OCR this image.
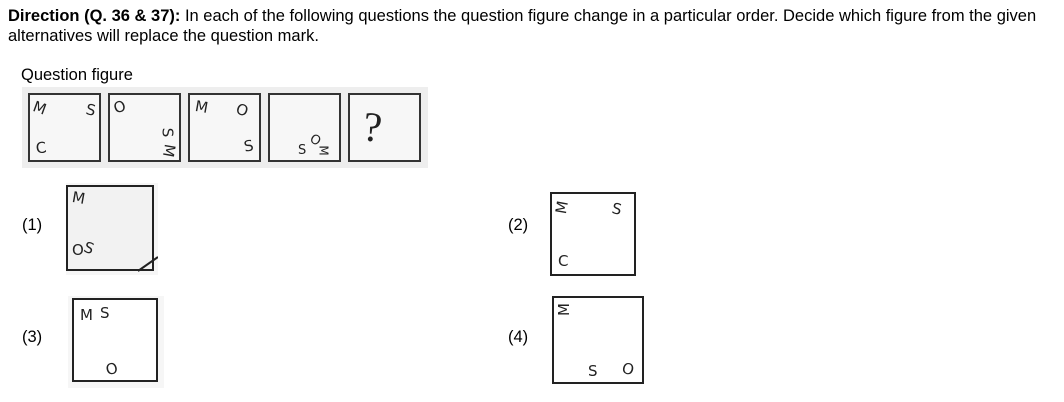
Direction (Q. 36 & 37): In each of the following questions the question figure change in a particular order. Decide which figure from the given alternatives will replace the question mark.
Question figure
M S
C
O
S
M
M O
S	S
O
M ?
(1)
M
O
S
(2)
M	S
C
(3)
M S
O
(4)
M
S O
